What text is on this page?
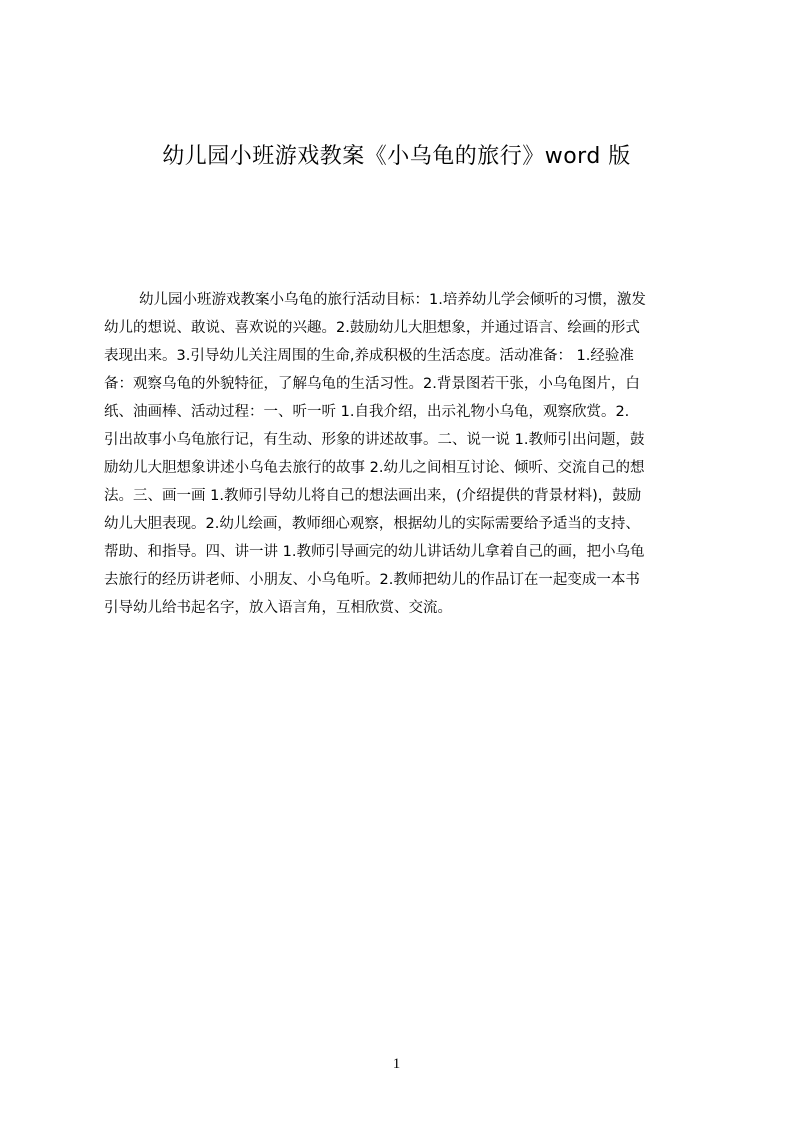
幼儿园小班游戏教案《小乌龟的旅行》word 版
幼儿园小班游戏教案小乌龟的旅行活动目标：1.培养幼儿学会倾听的习惯，激发
幼儿的想说、敢说、喜欢说的兴趣。2.鼓励幼儿大胆想象，并通过语言、绘画的形式
表现出来。3.引导幼儿关注周围的生命,养成积极的生活态度。活动准备： 1.经验准
备：观察乌龟的外貌特征，了解乌龟的生活习性。2.背景图若干张，小乌龟图片，白
纸、油画棒、活动过程：一、听一听 1.自我介绍，出示礼物小乌龟，观察欣赏。2.
引出故事小乌龟旅行记，有生动、形象的讲述故事。二、说一说 1.教师引出问题，鼓
励幼儿大胆想象讲述小乌龟去旅行的故事 2.幼儿之间相互讨论、倾听、交流自己的想
法。三、画一画 1.教师引导幼儿将自己的想法画出来，(介绍提供的背景材料)，鼓励
幼儿大胆表现。2.幼儿绘画，教师细心观察，根据幼儿的实际需要给予适当的支持、
帮助、和指导。四、讲一讲 1.教师引导画完的幼儿讲话幼儿拿着自己的画，把小乌龟
去旅行的经历讲老师、小朋友、小乌龟听。2.教师把幼儿的作品订在一起变成一本书
引导幼儿给书起名字，放入语言角，互相欣赏、交流。
1
